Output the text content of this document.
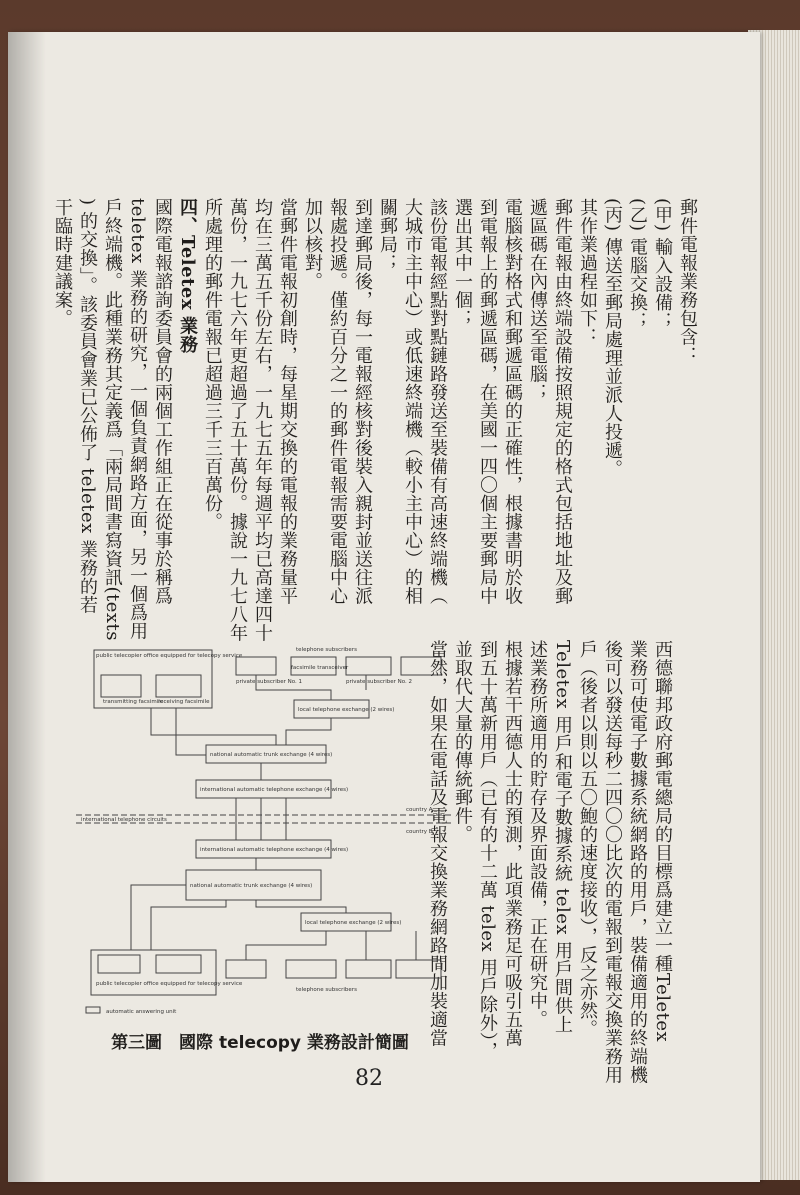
郵件電報業務包含：
(甲) 輸入設備；
(乙) 電腦交換；
(丙) 傳送至郵局處理並派人投遞。
其作業過程如下：
郵件電報由終端設備按照規定的格式包括地址及郵
遞區碼在內傳送至電腦；
電腦核對格式和郵遞區碼的正確性，根據書明於收
到電報上的郵遞區碼，在美國一四〇個主要郵局中
選出其中一個；
該份電報經點對點鏈路發送至裝備有高速終端機（
大城市主中心）或低速終端機（較小主中心）的相
關郵局；
到達郵局後，每一電報經核對後裝入親封並送往派
報處投遞。僅約百分之一的郵件電報需要電腦中心
加以核對。
當郵件電報初創時，每星期交換的電報的業務量平
均在三萬五千份左右，一九七五年每週平均已高達四十
萬份，一九七六年更超過了五十萬份。據說一九七八年
所處理的郵件電報已超過三千三百萬份。
四、Teletex 業務
國際電報諮詢委員會的兩個工作組正在從事於稱爲
teletex 業務的研究，一個負責網路方面，另一個爲用
戶終端機。此種業務其定義爲「兩局間書寫資訊(texts
) 的交換」。該委員會業已公佈了 teletex 業務的若
干臨時建議案。
西德聯邦政府郵電總局的目標爲建立一種Teletex
業務可使電子數據系統網路的用戶，裝備適用的終端機
後可以發送每秒二四〇〇比次的電報到電報交換業務用
戶（後者以則以五〇鮑的速度接收），反之亦然。
Teletex 用戶和電子數據系統 telex 用戶間供上
述業務所適用的貯存及界面設備，正在研究中。
根據若干西德人士的預測，此項業務足可吸引五萬
到五十萬新用戶（已有的十二萬 telex 用戶除外），
並取代大量的傳統郵件。
當然，如果在電話及電報交換業務網路間加裝適當
public telecopier office equipped for telecopy service
transmitting facsimile
receiving facsimile
telephone subscribers
private subscriber No. 1	private subscriber No. 2
facsimile transceiver
local telephone exchange (2 wires)
national automatic trunk exchange (4 wires)
international automatic telephone exchange (4 wires)
country A
international telephone circuits
country B
international automatic telephone exchange (4 wires)
national automatic trunk exchange (4 wires)
local telephone exchange (2 wires)
public telecopier office equipped for telecopy service
telephone subscribers
automatic answering unit
第三圖　國際 telecopy 業務設計簡圖
82
